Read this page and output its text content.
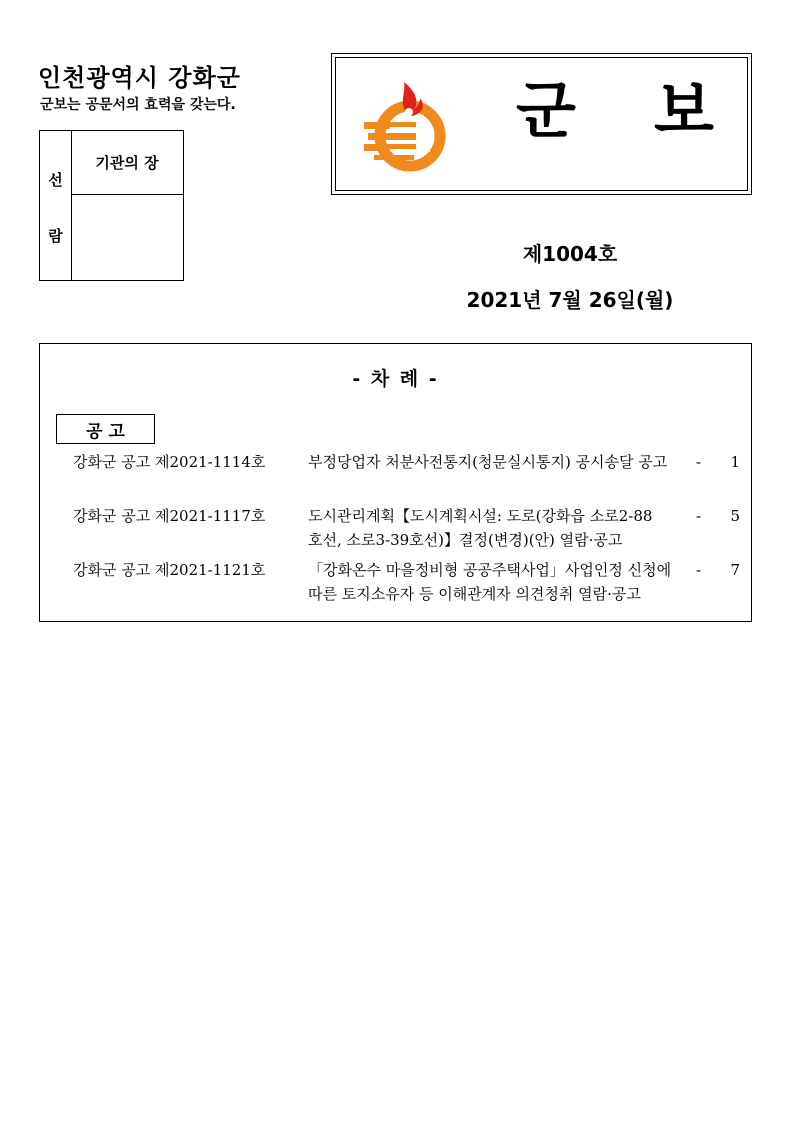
인천광역시 강화군
군보는 공문서의 효력을 갖는다.
선
람
기관의 장
군 보
제1004호
2021년 7월 26일(월)
- 차 례 -
공 고
강화군 공고 제2021-1114호	부정당업자 처분사전통지(청문실시통지) 공시송달 공고	-	1
강화군 공고 제2021-1117호	도시관리계획【도시계획시설: 도로(강화읍 소로2-88
호선, 소로3-39호선)】결정(변경)(안) 열람·공고
-	5
강화군 공고 제2021-1121호	「강화온수 마을정비형 공공주택사업」사업인정 신청에
따른 토지소유자 등 이해관계자 의견청취 열람·공고
-	7
